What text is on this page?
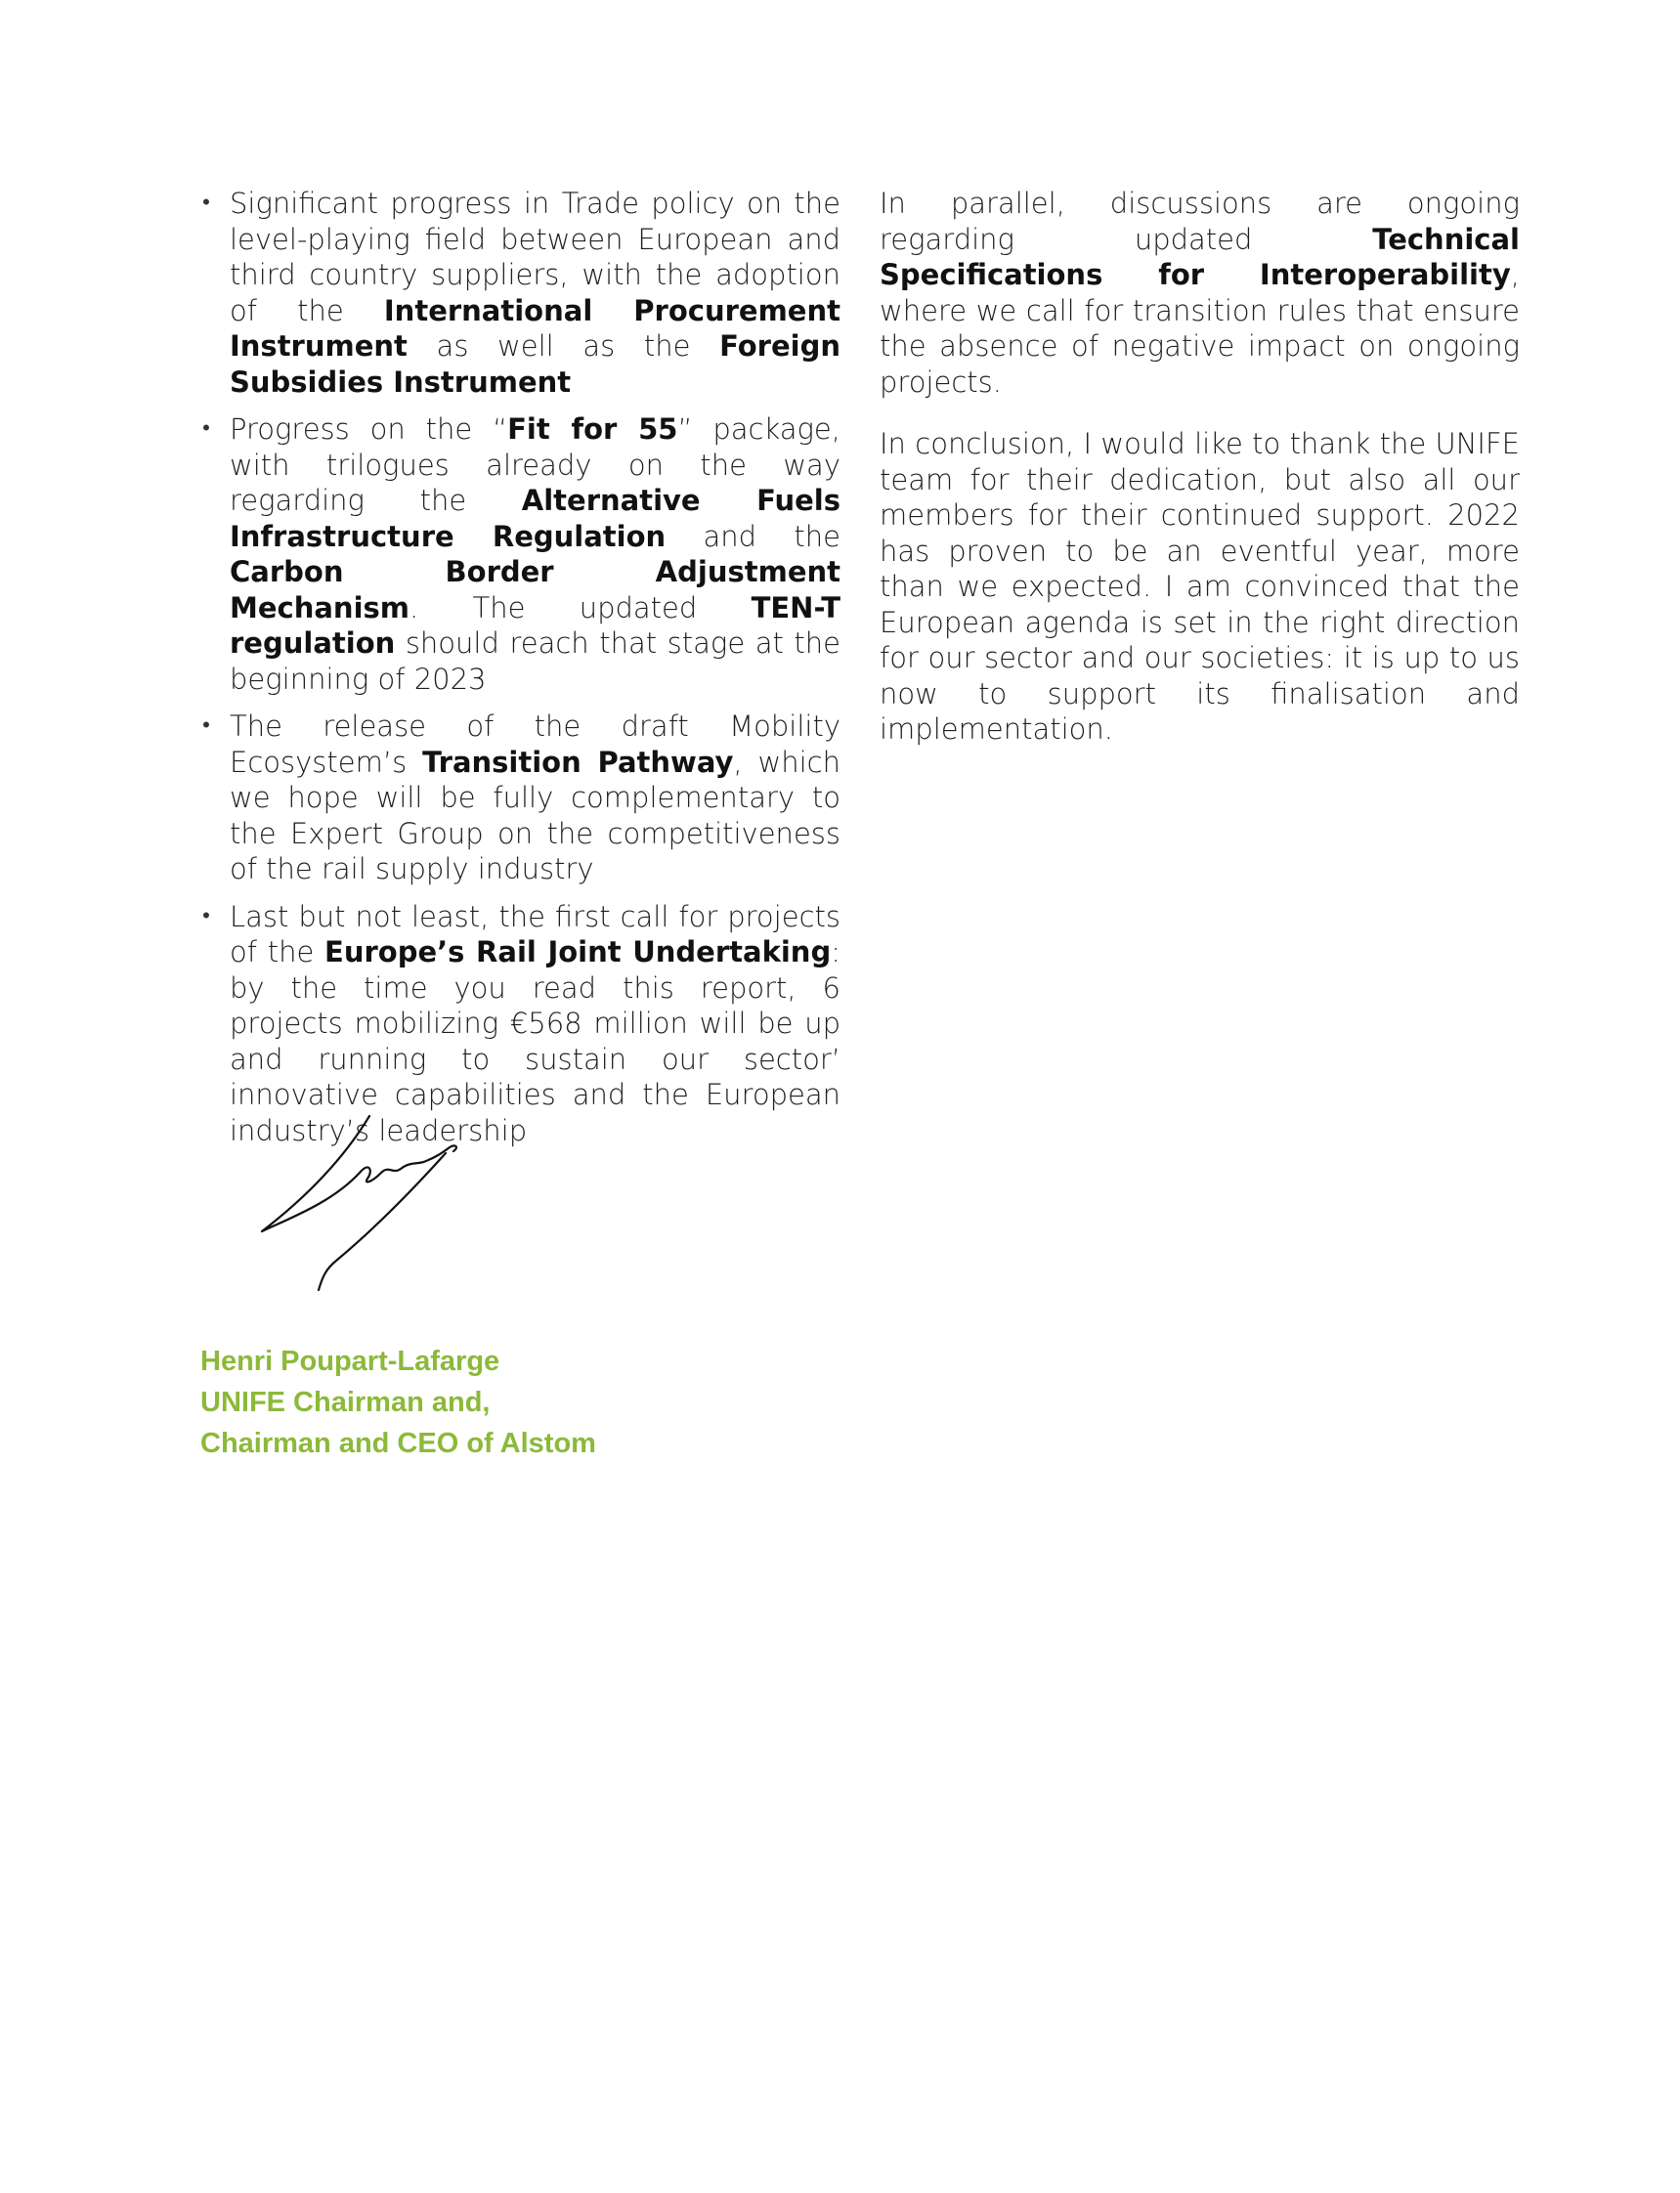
• Significant progress in Trade policy on the level-playing field between European and third country suppliers, with the adoption of the International Procurement Instrument as well as the Foreign Subsidies Instrument
• Progress on the “Fit for 55” package, with trilogues already on the way regarding the Alternative Fuels Infrastructure Regulation and the Carbon Border Adjustment Mechanism. The updated TEN-T regulation should reach that stage at the beginning of 2023
• The release of the draft Mobility Ecosystem’s Transition Pathway, which we hope will be fully complementary to the Expert Group on the competitiveness of the rail supply industry
• Last but not least, the first call for projects of the Europe’s Rail Joint Undertaking: by the time you read this report, 6 projects mobilizing €568 million will be up and running to sustain our sector’ innovative capabilities and the European industry’s leadership

In parallel, discussions are ongoing regarding updated Technical Specifications for Interoperability, where we call for transition rules that ensure the absence of negative impact on ongoing projects.

In conclusion, I would like to thank the UNIFE team for their dedication, but also all our members for their continued support. 2022 has proven to be an eventful year, more than we expected. I am convinced that the European agenda is set in the right direction for our sector and our societies: it is up to us now to support its finalisation and implementation.

Henri Poupart-Lafarge
UNIFE Chairman and,
Chairman and CEO of Alstom
